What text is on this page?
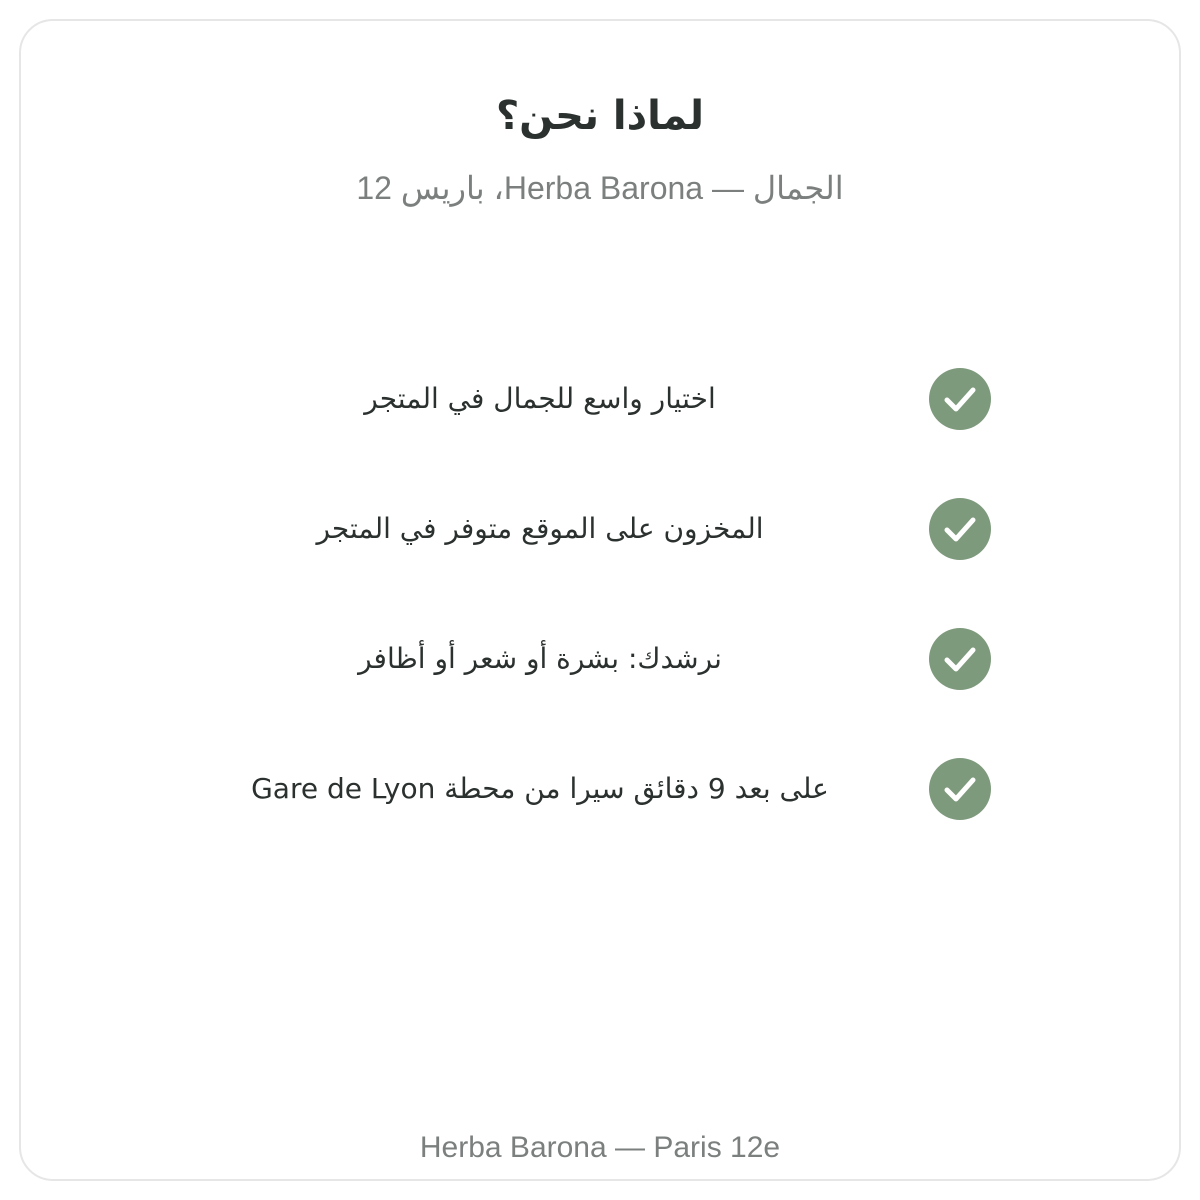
لماذا نحن؟

الجمال — Herba Barona، باريس 12

اختيار واسع للجمال في المتجر
المخزون على الموقع متوفر في المتجر
نرشدك: بشرة أو شعر أو أظافر
على بعد 9 دقائق سيرا من محطة Gare de Lyon
Herba Barona — Paris 12e
